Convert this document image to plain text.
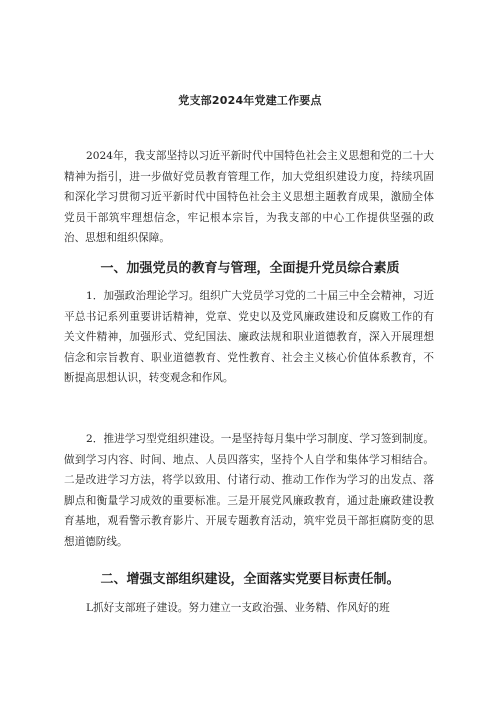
党支部2024年党建工作要点
2024年，我支部坚持以习近平新时代中国特色社会主义思想和党的二十大精神为指引，进一步做好党员教育管理工作，加大党组织建设力度，持续巩固和深化学习贯彻习近平新时代中国特色社会主义思想主题教育成果，激励全体党员干部筑牢理想信念，牢记根本宗旨，为我支部的中心工作提供坚强的政治、思想和组织保障。
一、加强党员的教育与管理，全面提升党员综合素质
1．加强政治理论学习。组织广大党员学习党的二十届三中全会精神，习近平总书记系列重要讲话精神，党章、党史以及党风廉政建设和反腐败工作的有关文件精神，加强形式、党纪国法、廉政法规和职业道德教育，深入开展理想信念和宗旨教育、职业道德教育、党性教育、社会主义核心价值体系教育，不断提高思想认识，转变观念和作风。
2．推进学习型党组织建设。一是坚持每月集中学习制度、学习签到制度。做到学习内容、时间、地点、人员四落实，坚持个人自学和集体学习相结合。二是改进学习方法，将学以致用、付诸行动、推动工作作为学习的出发点、落脚点和衡量学习成效的重要标准。三是开展党风廉政教育，通过赴廉政建设教育基地，观看警示教育影片、开展专题教育活动，筑牢党员干部拒腐防变的思想道德防线。
二、增强支部组织建设，全面落实党要目标责任制。
L抓好支部班子建设。努力建立一支政治强、业务精、作风好的班
